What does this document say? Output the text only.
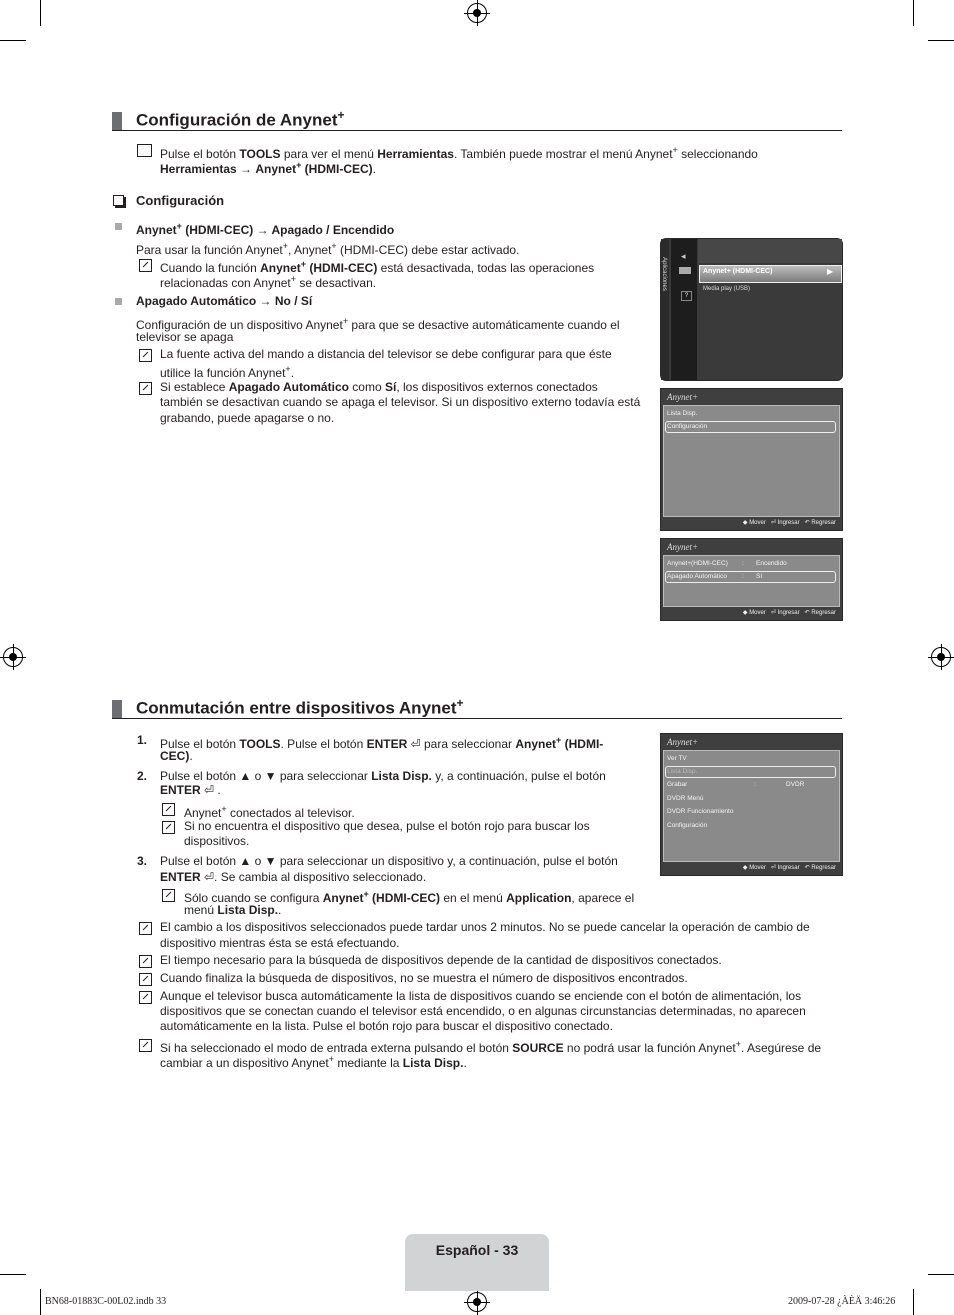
Configuración de Anynet+
Pulse el botón TOOLS para ver el menú Herramientas. También puede mostrar el menú Anynet+ seleccionando
Herramientas → Anynet+ (HDMI-CEC).
Configuración
Anynet+ (HDMI-CEC) → Apagado / Encendido
Para usar la función Anynet+, Anynet+ (HDMI-CEC) debe estar activado.
Cuando la función Anynet+ (HDMI-CEC) está desactivada, todas las operaciones
relacionadas con Anynet+ se desactivan.
Apagado Automático → No / Sí
Configuración de un dispositivo Anynet+ para que se desactive automáticamente cuando el
televisor se apaga
La fuente activa del mando a distancia del televisor se debe configurar para que éste
utilice la función Anynet+.
Si establece Apagado Automático como Sí, los dispositivos externos conectados
también se desactivan cuando se apaga el televisor. Si un dispositivo externo todavía está
grabando, puede apagarse o no.
Aplicaciones
◂
?
Anynet+ (HDMI-CEC)	▶
Media play (USB)
Anynet+
Lista Disp.
Configuración
◆ Mover ⏎ Ingresar ↶ Regresar
Anynet+
Anynet+(HDMI-CEC) : Encendido
Apagado Automático : Sí
◆ Mover ⏎ Ingresar ↶ Regresar
Conmutación entre dispositivos Anynet+
1. Pulse el botón TOOLS. Pulse el botón ENTER ⏎ para seleccionar Anynet+ (HDMI-
CEC).
2. Pulse el botón ▲ o ▼ para seleccionar Lista Disp. y, a continuación, pulse el botón
ENTER ⏎ .
Anynet+ conectados al televisor.
Si no encuentra el dispositivo que desea, pulse el botón rojo para buscar los
dispositivos.
3. Pulse el botón ▲ o ▼ para seleccionar un dispositivo y, a continuación, pulse el botón
ENTER ⏎. Se cambia al dispositivo seleccionado.
Sólo cuando se configura Anynet+ (HDMI-CEC) en el menú Application, aparece el
menú Lista Disp..
El cambio a los dispositivos seleccionados puede tardar unos 2 minutos. No se puede cancelar la operación de cambio de
dispositivo mientras ésta se está efectuando.
El tiempo necesario para la búsqueda de dispositivos depende de la cantidad de dispositivos conectados.
Cuando finaliza la búsqueda de dispositivos, no se muestra el número de dispositivos encontrados.
Aunque el televisor busca automáticamente la lista de dispositivos cuando se enciende con el botón de alimentación, los
dispositivos que se conectan cuando el televisor está encendido, o en algunas circunstancias determinadas, no aparecen
automáticamente en la lista. Pulse el botón rojo para buscar el dispositivo conectado.
Si ha seleccionado el modo de entrada externa pulsando el botón SOURCE no podrá usar la función Anynet+. Asegúrese de
cambiar a un dispositivo Anynet+ mediante la Lista Disp..
Anynet+
Ver TV
Lista Disp.
Grabar	:	DVDR
DVDR Menú
DVDR Funcionamiento
Configuración
◆ Mover ⏎ Ingresar ↶ Regresar
Español - 33
BN68-01883C-00L02.indb 33	2009-07-28 ¿ÀÈÄ 3:46:26
